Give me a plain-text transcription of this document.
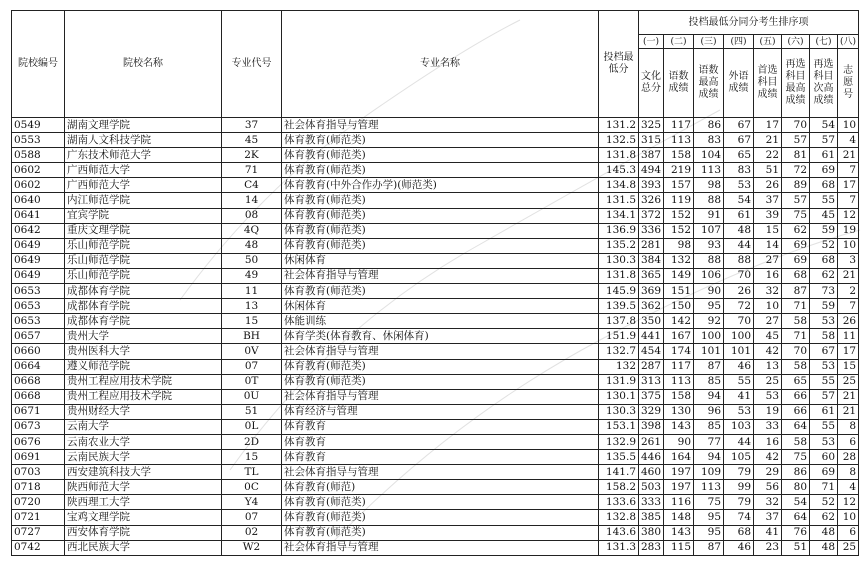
院校编号	院校名称	专业代号	专业名称	投档最低分	投档最低分同分考生排序项							
					(一)	(二)	(三)	(四)	(五)	(六)	(七)	(八)
					文化总分	语数成绩	语数最高成绩	外语成绩	首选科目成绩	再选科目最高成绩	再选科目次高成绩	志愿号
0549	湖南文理学院	37	社会体育指导与管理	131.2	325	117	86	67	17	70	54	10
0553	湖南人文科技学院	45	体育教育(师范类)	132.5	315	113	83	67	21	57	57	4
0588	广东技术师范大学	2K	体育教育(师范类)	131.8	387	158	104	65	22	81	61	21
0602	广西师范大学	71	体育教育(师范类)	145.3	494	219	113	83	51	72	69	7
0602	广西师范大学	C4	体育教育(中外合作办学)(师范类)	134.8	393	157	98	53	26	89	68	17
0640	内江师范学院	14	体育教育(师范类)	131.5	326	119	88	54	37	57	55	7
0641	宜宾学院	08	体育教育(师范类)	134.1	372	152	91	61	39	75	45	12
0642	重庆文理学院	4Q	体育教育(师范类)	136.9	336	152	107	48	15	62	59	19
0649	乐山师范学院	48	体育教育(师范类)	135.2	281	98	93	44	14	69	52	10
0649	乐山师范学院	50	休闲体育	130.3	384	132	88	88	27	69	68	3
0649	乐山师范学院	49	社会体育指导与管理	131.8	365	149	106	70	16	68	62	21
0653	成都体育学院	11	体育教育(师范类)	145.9	369	151	90	26	32	87	73	2
0653	成都体育学院	13	休闲体育	139.5	362	150	95	72	10	71	59	7
0653	成都体育学院	15	体能训练	137.8	350	142	92	70	27	58	53	26
0657	贵州大学	BH	体育学类(体育教育、休闲体育)	151.9	441	167	100	100	45	71	58	11
0660	贵州医科大学	0V	社会体育指导与管理	132.7	454	174	101	101	42	70	67	17
0664	遵义师范学院	07	体育教育(师范类)	132	287	117	87	46	13	58	53	15
0668	贵州工程应用技术学院	0T	体育教育(师范类)	131.9	313	113	85	55	25	65	55	25
0668	贵州工程应用技术学院	0U	社会体育指导与管理	130.1	375	158	94	41	53	66	57	21
0671	贵州财经大学	51	体育经济与管理	130.3	329	130	96	53	19	66	61	21
0673	云南大学	0L	体育教育	153.1	398	143	85	103	33	64	55	8
0676	云南农业大学	2D	体育教育	132.9	261	90	77	44	16	58	53	6
0691	云南民族大学	15	体育教育	135.5	446	164	94	105	42	75	60	28
0703	西安建筑科技大学	TL	社会体育指导与管理	141.7	460	197	109	79	29	86	69	8
0718	陕西师范大学	0C	体育教育(师范)	158.2	503	197	113	99	56	80	71	4
0720	陕西理工大学	Y4	体育教育(师范类)	133.6	333	116	75	79	32	54	52	12
0721	宝鸡文理学院	07	体育教育(师范类)	132.8	385	148	95	74	37	64	62	10
0727	西安体育学院	02	体育教育(师范类)	143.6	380	143	95	68	41	76	48	6
0742	西北民族大学	W2	社会体育指导与管理	131.3	283	115	87	46	23	51	48	25
